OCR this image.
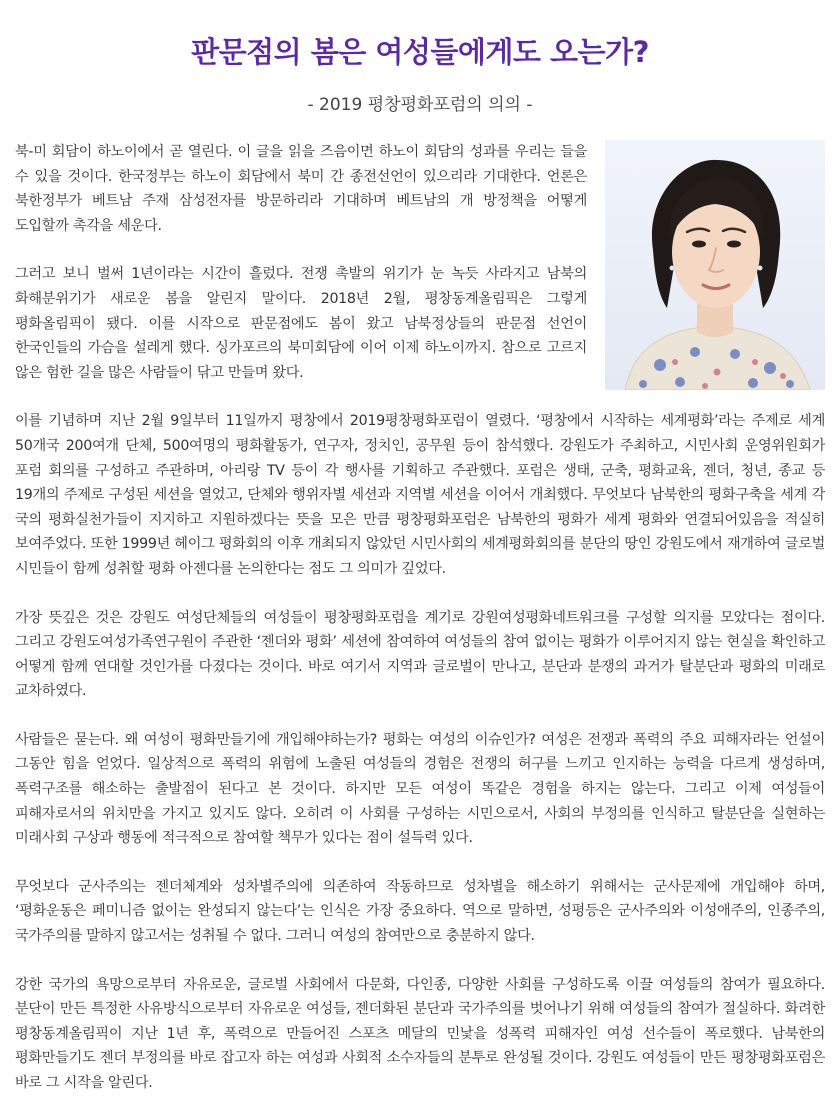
판문점의 봄은 여성들에게도 오는가?
- 2019 평창평화포럼의 의의 -

북-미 회담이 하노이에서 곧 열린다. 이 글을 읽을 즈음이면 하노이 회담의 성과를 우리는 들을 수 있을 것이다. 한국정부는 하노이 회담에서 북미 간 종전선언이 있으리라 기대한다. 언론은 북한정부가 베트남 주재 삼성전자를 방문하리라 기대하며 베트남의 개 방정책을 어떻게 도입할까 촉각을 세운다.

그러고 보니 벌써 1년이라는 시간이 흘렀다. 전쟁 촉발의 위기가 눈 녹듯 사라지고 남북의 화해분위기가 새로운 봄을 알린지 말이다. 2018년 2월, 평창동계올림픽은 그렇게 평화올림픽이 됐다. 이를 시작으로 판문점에도 봄이 왔고 남북정상들의 판문점 선언이 한국인들의 가슴을 설레게 했다. 싱가포르의 북미회담에 이어 이제 하노이까지. 참으로 고르지 않은 험한 길을 많은 사람들이 닦고 만들며 왔다.

이를 기념하며 지난 2월 9일부터 11일까지 평창에서 2019평창평화포럼이 열렸다. ‘평창에서 시작하는 세계평화’라는 주제로 세계 50개국 200여개 단체, 500여명의 평화활동가, 연구자, 정치인, 공무원 등이 참석했다. 강원도가 주최하고, 시민사회 운영위원회가 포럼 회의를 구성하고 주관하며, 아리랑 TV 등이 각 행사를 기획하고 주관했다. 포럼은 생태, 군축, 평화교육, 젠더, 청년, 종교 등 19개의 주제로 구성된 세션을 열었고, 단체와 행위자별 세션과 지역별 세션을 이어서 개최했다. 무엇보다 남북한의 평화구축을 세계 각 국의 평화실천가들이 지지하고 지원하겠다는 뜻을 모은 만큼 평창평화포럼은 남북한의 평화가 세계 평화와 연결되어있음을 적실히 보여주었다. 또한 1999년 헤이그 평화회의 이후 개최되지 않았던 시민사회의 세계평화회의를 분단의 땅인 강원도에서 재개하여 글로벌 시민들이 함께 성취할 평화 아젠다를 논의한다는 점도 그 의미가 깊었다.

가장 뜻깊은 것은 강원도 여성단체들의 여성들이 평창평화포럼을 계기로 강원여성평화네트워크를 구성할 의지를 모았다는 점이다. 그리고 강원도여성가족연구원이 주관한 ‘젠더와 평화’ 세션에 참여하여 여성들의 참여 없이는 평화가 이루어지지 않는 현실을 확인하고 어떻게 함께 연대할 것인가를 다졌다는 것이다. 바로 여기서 지역과 글로벌이 만나고, 분단과 분쟁의 과거가 탈분단과 평화의 미래로 교차하였다.

사람들은 묻는다. 왜 여성이 평화만들기에 개입해야하는가? 평화는 여성의 이슈인가? 여성은 전쟁과 폭력의 주요 피해자라는 언설이 그동안 힘을 얻었다. 일상적으로 폭력의 위험에 노출된 여성들의 경험은 전쟁의 허구를 느끼고 인지하는 능력을 다르게 생성하며, 폭력구조를 해소하는 출발점이 된다고 본 것이다. 하지만 모든 여성이 똑같은 경험을 하지는 않는다. 그리고 이제 여성들이 피해자로서의 위치만을 가지고 있지도 않다. 오히려 이 사회를 구성하는 시민으로서, 사회의 부정의를 인식하고 탈분단을 실현하는 미래사회 구상과 행동에 적극적으로 참여할 책무가 있다는 점이 설득력 있다.

무엇보다 군사주의는 젠더체계와 성차별주의에 의존하여 작동하므로 성차별을 해소하기 위해서는 군사문제에 개입해야 하며, ‘평화운동은 페미니즘 없이는 완성되지 않는다’는 인식은 가장 중요하다. 역으로 말하면, 성평등은 군사주의와 이성애주의, 인종주의, 국가주의를 말하지 않고서는 성취될 수 없다. 그러니 여성의 참여만으로 충분하지 않다.

강한 국가의 욕망으로부터 자유로운, 글로벌 사회에서 다문화, 다인종, 다양한 사회를 구성하도록 이끌 여성들의 참여가 필요하다. 분단이 만든 특정한 사유방식으로부터 자유로운 여성들, 젠더화된 분단과 국가주의를 벗어나기 위해 여성들의 참여가 절실하다. 화려한 평창동계올림픽이 지난 1년 후, 폭력으로 만들어진 스포츠 메달의 민낯을 성폭력 피해자인 여성 선수들이 폭로했다. 남북한의 평화만들기도 젠더 부정의를 바로 잡고자 하는 여성과 사회적 소수자들의 분투로 완성될 것이다. 강원도 여성들이 만든 평창평화포럼은 바로 그 시작을 알린다.
